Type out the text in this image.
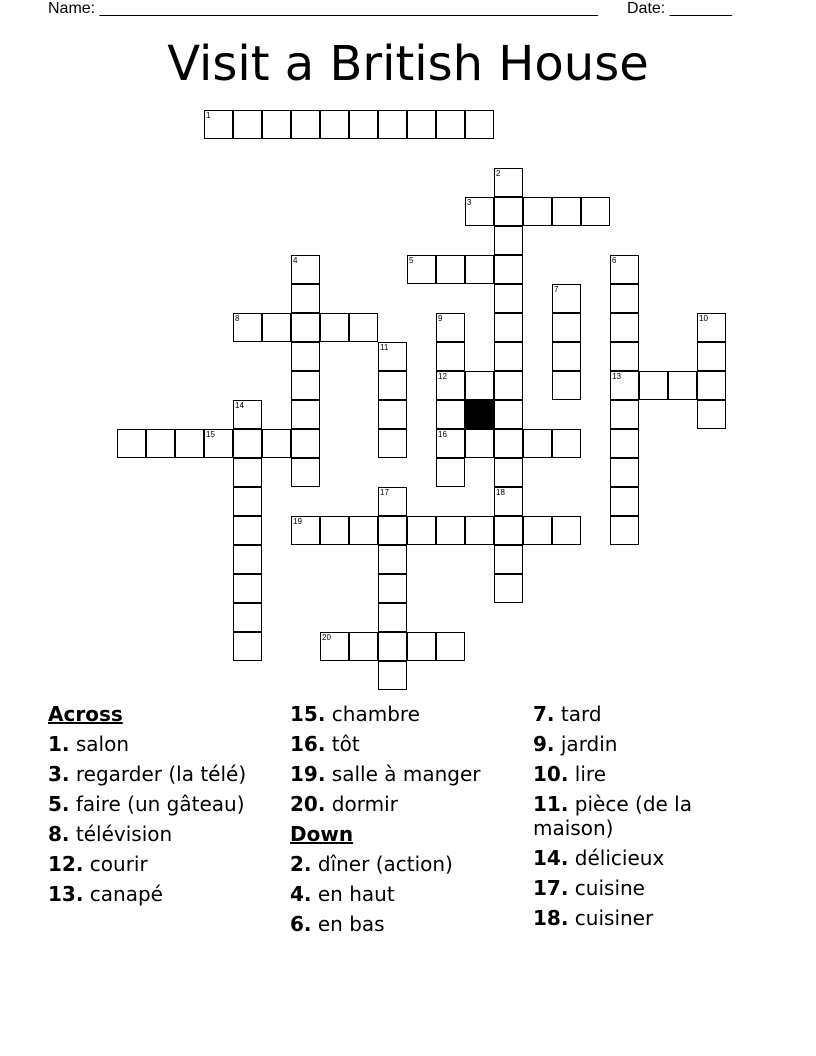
Name: ________________________________________________________ Date: _______
Visit a British House
1
2
18
3
4	5	6
13
7
8	9
12
16
10
11
14
15
17
19
20
Across
1. salon
3. regarder (la télé)
5. faire (un gâteau)
8. télévision
12. courir
13. canapé
15. chambre
16. tôt
19. salle à manger
20. dormir
Down
2. dîner (action)
4. en haut
6. en bas
7. tard
9. jardin
10. lire
11. pièce (de la maison)
14. délicieux
17. cuisine
18. cuisiner
